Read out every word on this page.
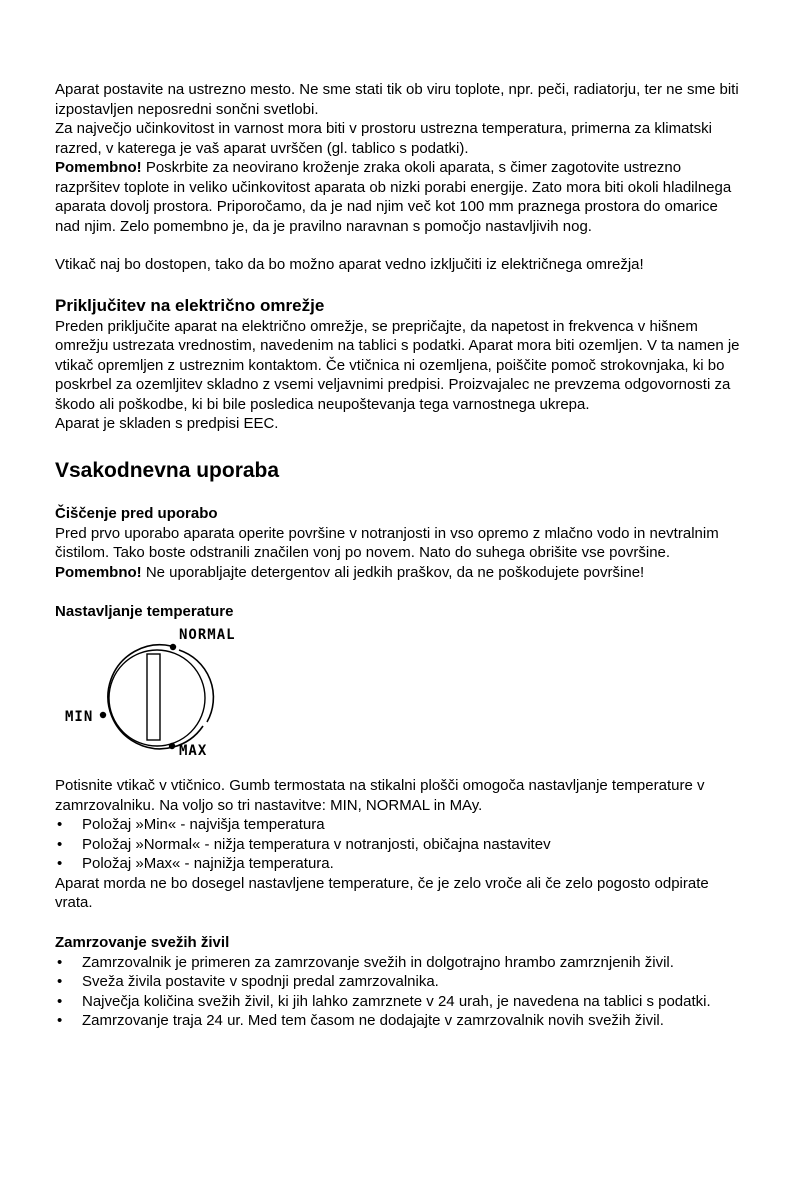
Aparat postavite na ustrezno mesto. Ne sme stati tik ob viru toplote, npr. peči, radiatorju, ter ne sme biti izpostavljen neposredni sončni svetlobi.

Za največjo učinkovitost in varnost mora biti v prostoru ustrezna temperatura, primerna za klimatski razred, v katerega je vaš aparat uvrščen (gl. tablico s podatki).

Pomembno! Poskrbite za neovirano kroženje zraka okoli aparata, s čimer zagotovite ustrezno razpršitev toplote in veliko učinkovitost aparata ob nizki porabi energije. Zato mora biti okoli hladilnega aparata dovolj prostora. Priporočamo, da je nad njim več kot 100 mm praznega prostora do omarice nad njim. Zelo pomembno je, da je pravilno naravnan s pomočjo nastavljivih nog.

Vtikač naj bo dostopen, tako da bo možno aparat vedno izključiti iz električnega omrežja!

Priključitev na električno omrežje

Preden priključite aparat na električno omrežje, se prepričajte, da napetost in frekvenca v hišnem omrežju ustrezata vrednostim, navedenim na tablici s podatki. Aparat mora biti ozemljen. V ta namen je vtikač opremljen z ustreznim kontaktom. Če vtičnica ni ozemljena, poiščite pomoč strokovnjaka, ki bo poskrbel za ozemljitev skladno z vsemi veljavnimi predpisi. Proizvajalec ne prevzema odgovornosti za škodo ali poškodbe, ki bi bile posledica neupoštevanja tega varnostnega ukrepa.

Aparat je skladen s predpisi EEC.

Vsakodnevna uporaba
Čiščenje pred uporabo

Pred prvo uporabo aparata operite površine v notranjosti in vso opremo z mlačno vodo in nevtralnim čistilom. Tako boste odstranili značilen vonj po novem. Nato do suhega obrišite vse površine.

Pomembno! Ne uporabljajte detergentov ali jedkih praškov, da ne poškodujete površine!

Nastavljanje temperature
NORMAL
MIN
MAX

Potisnite vtikač v vtičnico. Gumb termostata na stikalni plošči omogoča nastavljanje temperature v zamrzovalniku. Na voljo so tri nastavitve: MIN, NORMAL in MAy.

• Položaj »Min« - najvišja temperatura
• Položaj »Normal« - nižja temperatura v notranjosti, običajna nastavitev
• Položaj »Max« - najnižja temperatura.

Aparat morda ne bo dosegel nastavljene temperature, če je zelo vroče ali če zelo pogosto odpirate vrata.

Zamrzovanje svežih živil
• Zamrzovalnik je primeren za zamrzovanje svežih in dolgotrajno hrambo zamrznjenih živil.
• Sveža živila postavite v spodnji predal zamrzovalnika.
• Največja količina svežih živil, ki jih lahko zamrznete v 24 urah, je navedena na tablici s podatki.
• Zamrzovanje traja 24 ur. Med tem časom ne dodajajte v zamrzovalnik novih svežih živil.
